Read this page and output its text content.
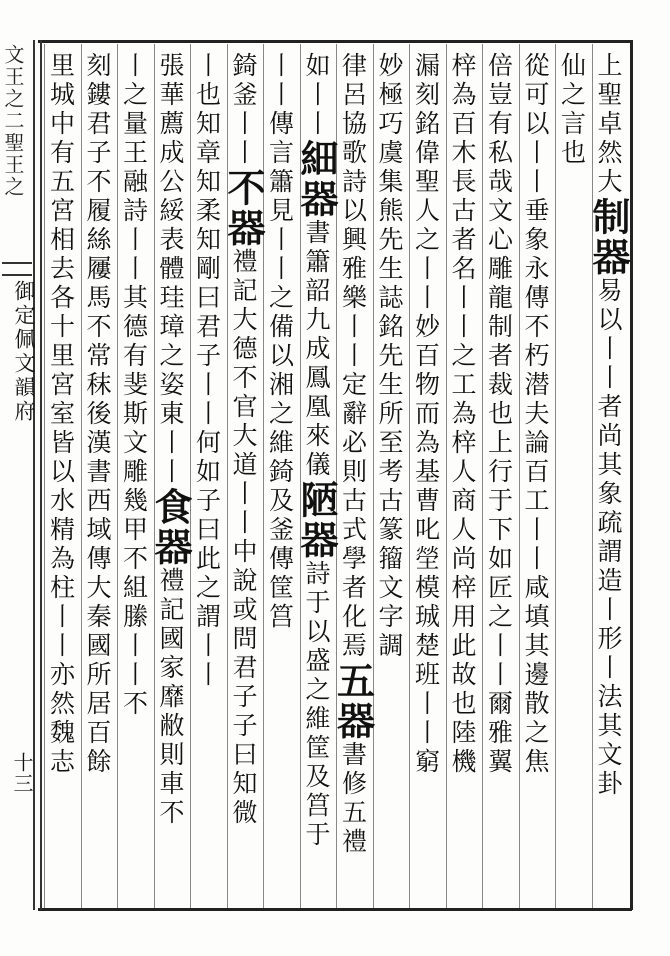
文王之二聖王之
御定佩文韻府
十三
上聖卓然大制器易以丨丨者尚其象疏謂造丨形丨法其文卦
仙之言也
從可以丨丨垂象永傳不朽潜夫論百工丨丨咸填其邊散之焦
倍豈有私哉文心雕龍制者裁也上行于下如匠之丨丨爾雅翼
梓為百木長古者名丨丨之工為梓人商人尚梓用此故也陸機
漏刻銘偉聖人之丨丨妙百物而為基曹叱塋模珹楚班丨丨窮
妙極巧虞集熊先生誌銘先生所至考古篆籀文字調
律呂協歌詩以興雅樂丨丨定辭必則古式學者化焉五器書修五禮
如丨丨細器書簫韶九成鳳凰來儀陋器詩于以盛之維筐及筥于
丨丨傳言簫見丨丨之備以湘之維錡及釜傳筐筥
錡釜丨丨不器禮記大德不官大道丨丨中說或問君子子曰知微
丨也知章知柔知剛曰君子丨丨何如子曰此之謂丨丨
張華薦成公綏表體珪璋之姿東丨丨食器禮記國家靡敝則車不
丨之量王融詩丨丨其德有斐斯文雕幾甲不組縢丨丨不
刻鏤君子不履絲屨馬不常秣後漢書西域傳大秦國所居百餘
里城中有五宮相去各十里宮室皆以水精為柱丨丨亦然魏志
